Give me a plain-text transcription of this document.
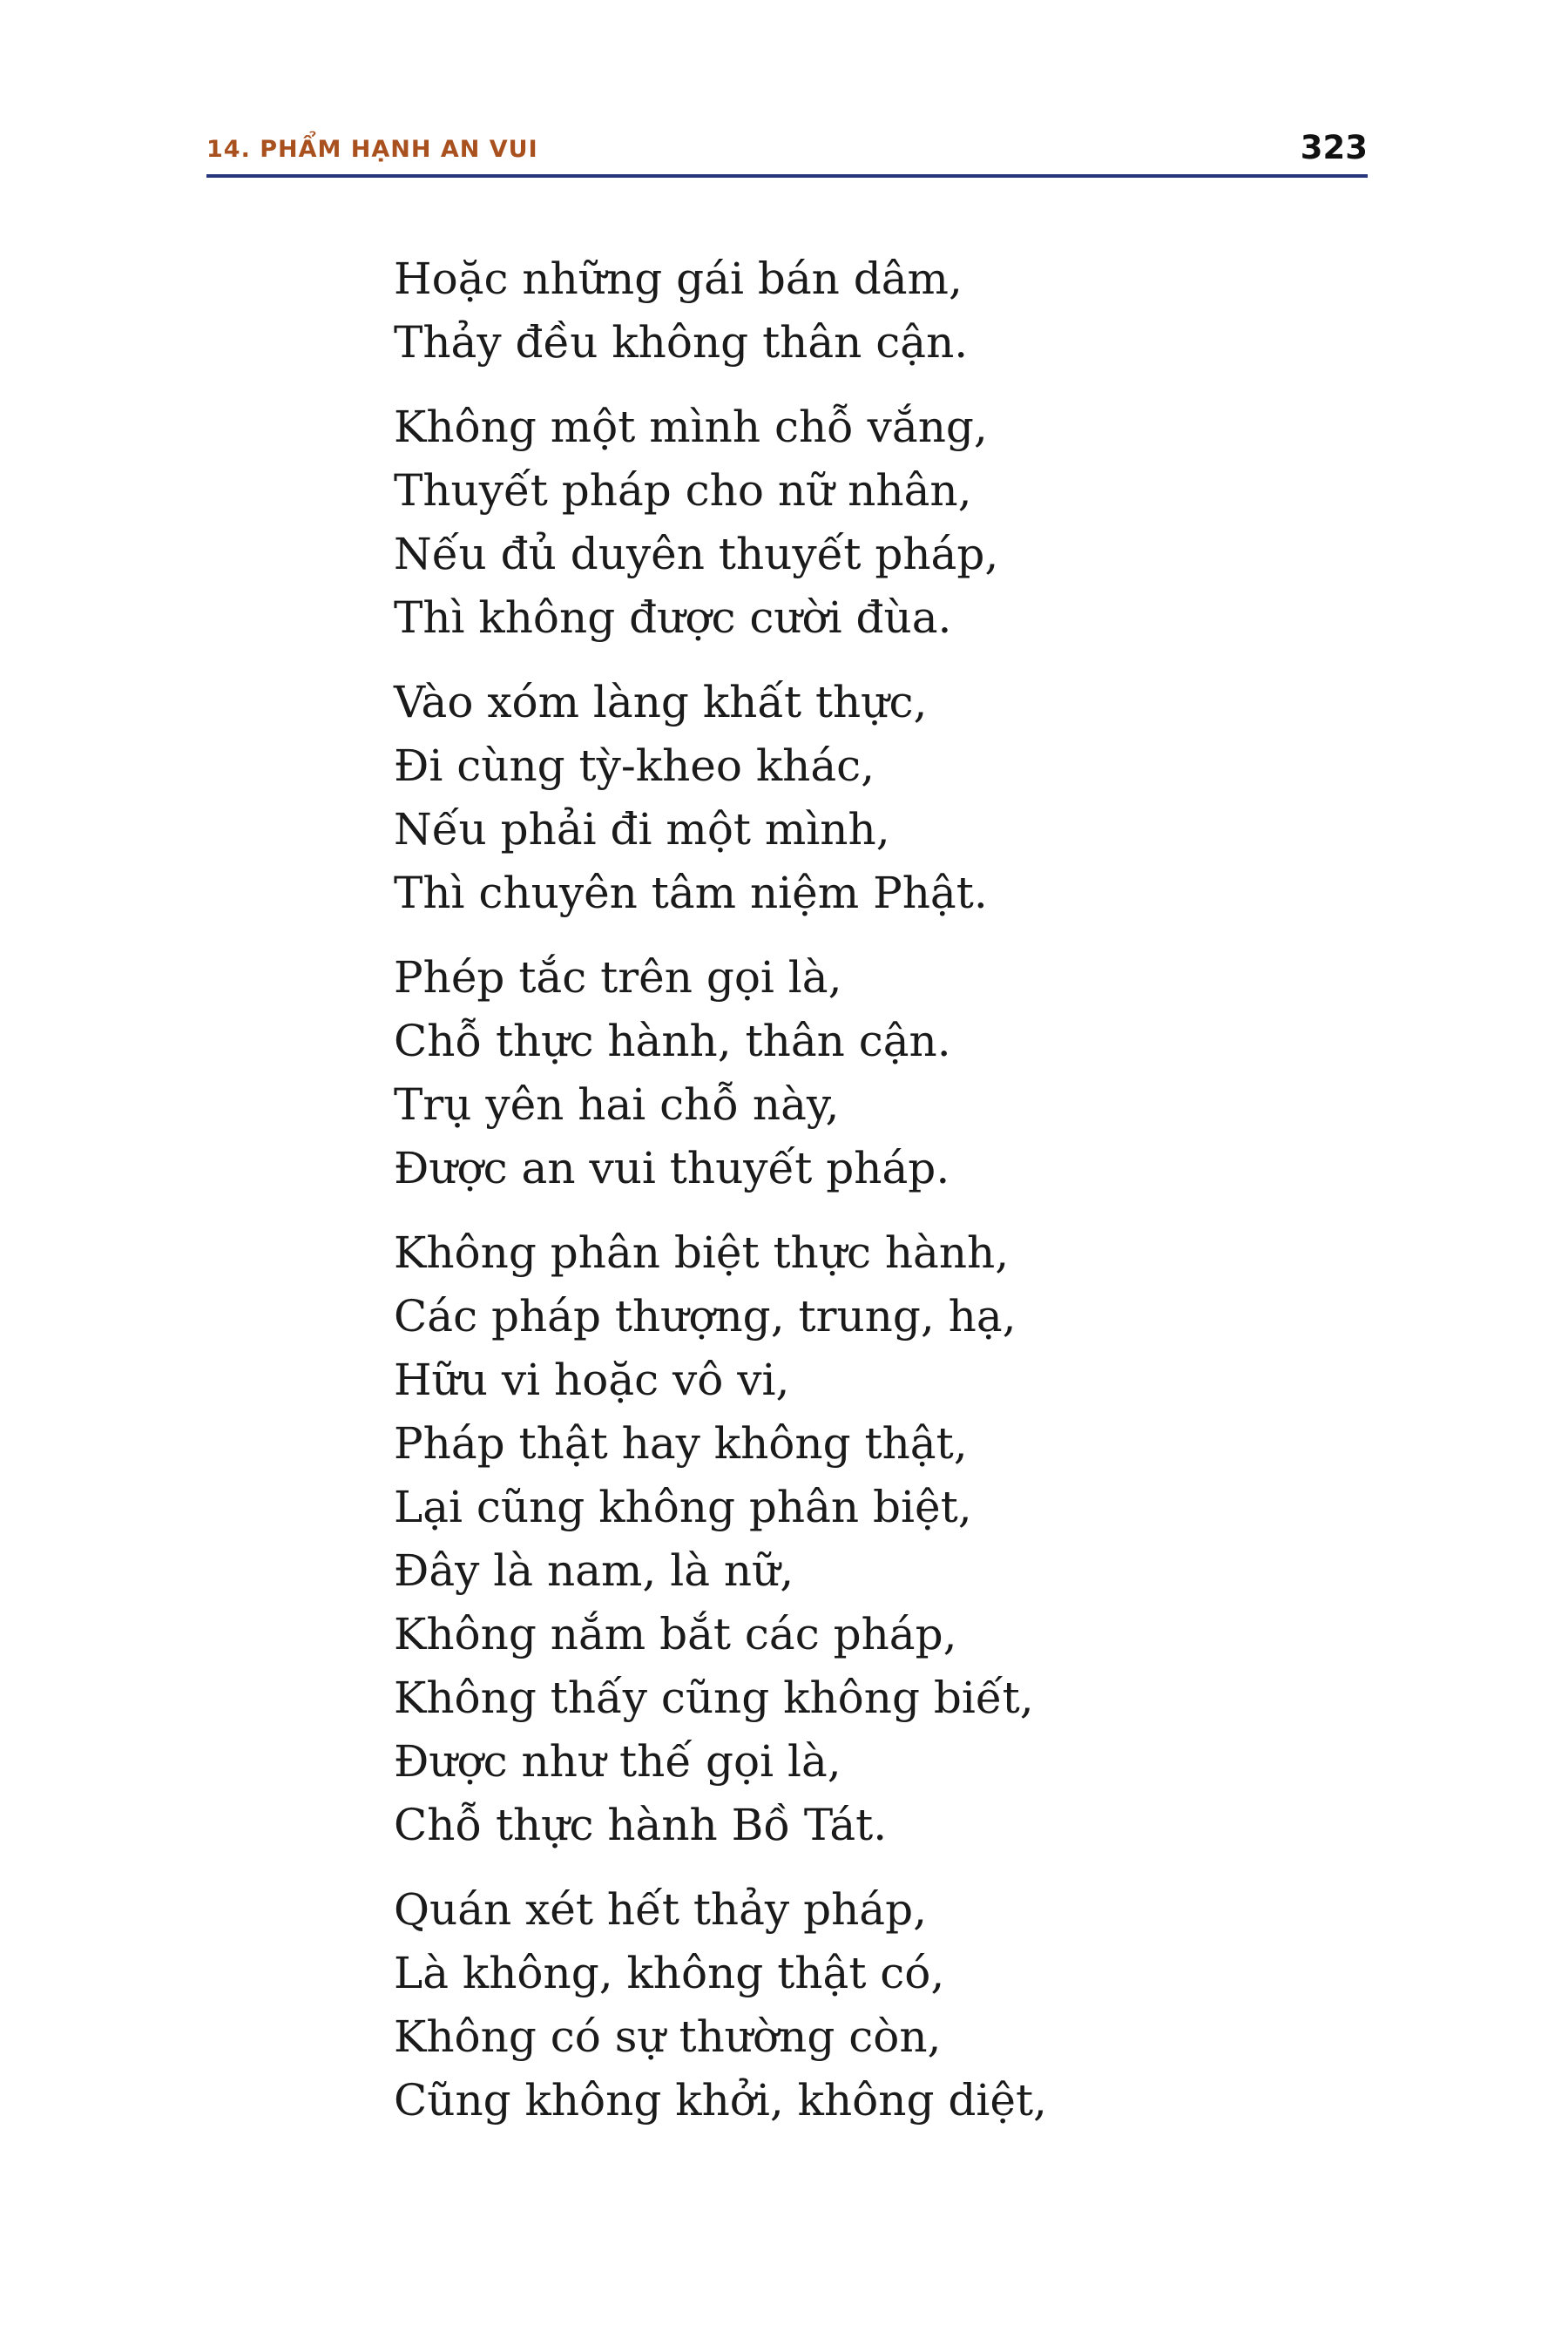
14. PHẨM HẠNH AN VUI	323
Hoặc những gái bán dâm,
Thảy đều không thân cận.
Không một mình chỗ vắng,
Thuyết pháp cho nữ nhân,
Nếu đủ duyên thuyết pháp,
Thì không được cười đùa.
Vào xóm làng khất thực,
Đi cùng tỳ-kheo khác,
Nếu phải đi một mình,
Thì chuyên tâm niệm Phật.
Phép tắc trên gọi là,
Chỗ thực hành, thân cận.
Trụ yên hai chỗ này,
Được an vui thuyết pháp.
Không phân biệt thực hành,
Các pháp thượng, trung, hạ,
Hữu vi hoặc vô vi,
Pháp thật hay không thật,
Lại cũng không phân biệt,
Đây là nam, là nữ,
Không nắm bắt các pháp,
Không thấy cũng không biết,
Được như thế gọi là,
Chỗ thực hành Bồ Tát.
Quán xét hết thảy pháp,
Là không, không thật có,
Không có sự thường còn,
Cũng không khởi, không diệt,
